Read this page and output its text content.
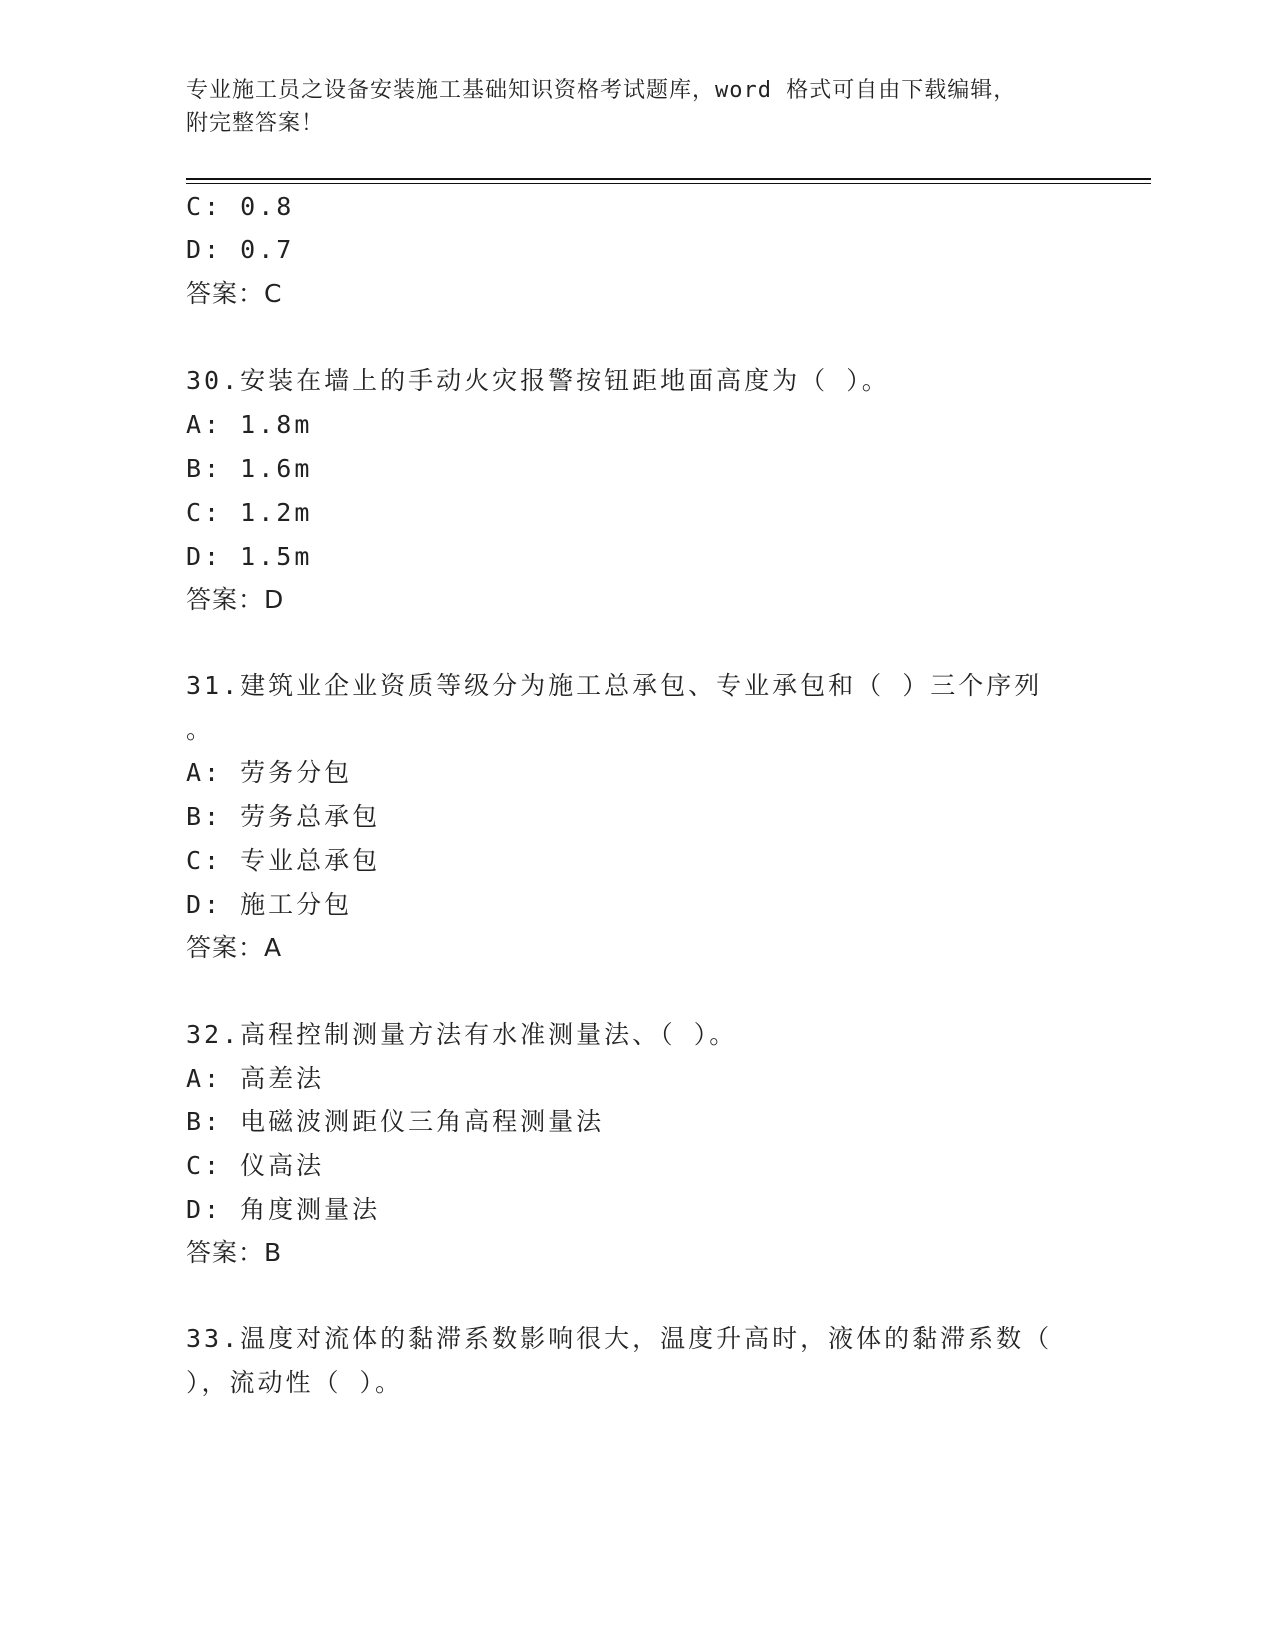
专业施工员之设备安装施工基础知识资格考试题库，word 格式可自由下载编辑，
附完整答案！
C: 0.8
D: 0.7
答案：C
30.安装在墙上的手动火灾报警按钮距地面高度为（ ）。
A: 1.8m
B: 1.6m
C: 1.2m
D: 1.5m
答案：D
31.建筑业企业资质等级分为施工总承包、专业承包和（ ）三个序列
。
A: 劳务分包
B: 劳务总承包
C: 专业总承包
D: 施工分包
答案：A
32.高程控制测量方法有水准测量法、（ ）。
A: 高差法
B: 电磁波测距仪三角高程测量法
C: 仪高法
D: 角度测量法
答案：B
33.温度对流体的黏滞系数影响很大，温度升高时，液体的黏滞系数（
），流动性（ ）。
